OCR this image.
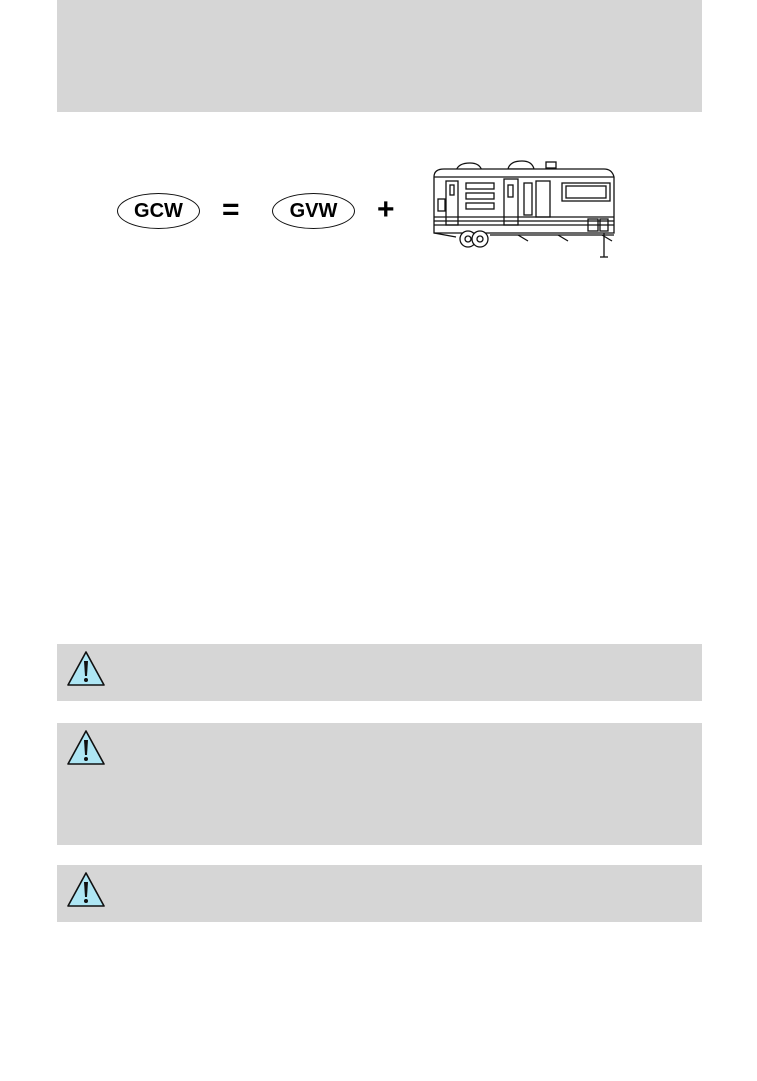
GCW	=	GVW	+
